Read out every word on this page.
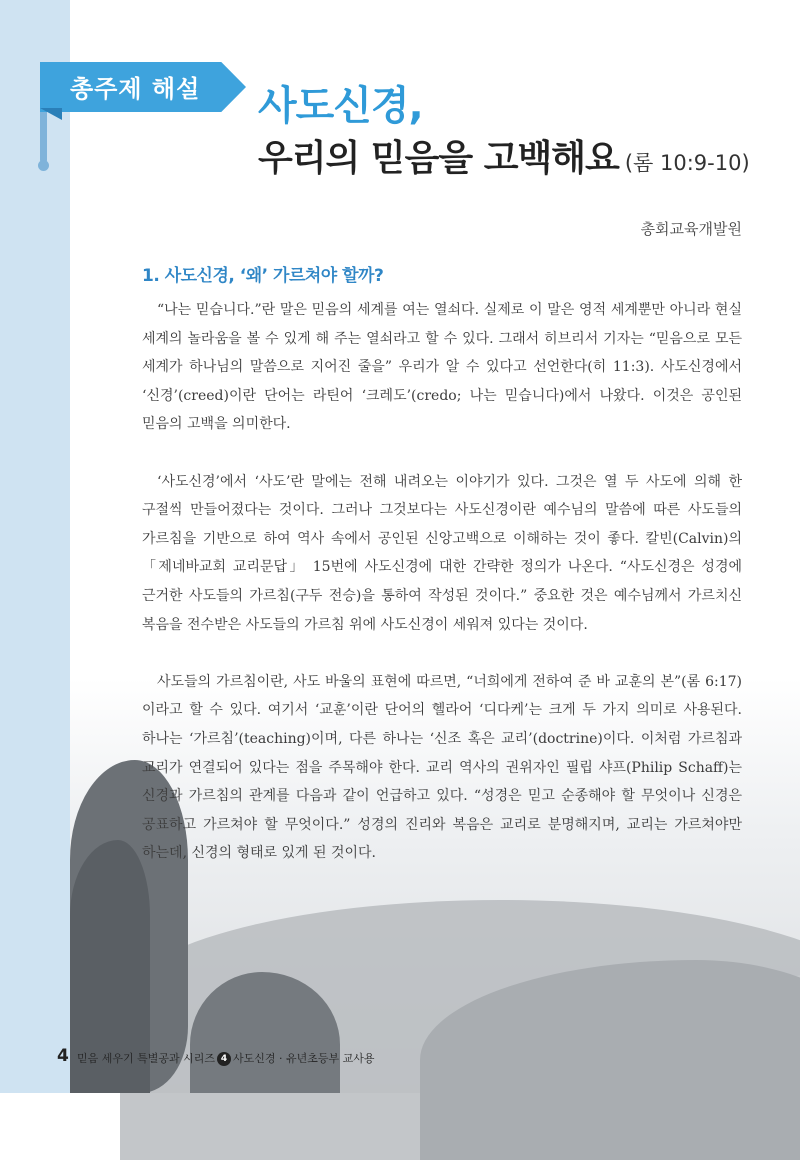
총주제 해설	사도신경,
우리의 믿음을 고백해요 (롬 10:9-10)
총회교육개발원
1. 사도신경, ‘왜’ 가르쳐야 할까?

“나는 믿습니다.”란 말은 믿음의 세계를 여는 열쇠다. 실제로 이 말은 영적 세계뿐만 아니라 현실 세계의 놀라움을 볼 수 있게 해 주는 열쇠라고 할 수 있다. 그래서 히브리서 기자는 “믿음으로 모든 세계가 하나님의 말씀으로 지어진 줄을” 우리가 알 수 있다고 선언한다(히 11:3). 사도신경에서 ‘신경’(creed)이란 단어는 라틴어 ‘크레도’(credo; 나는 믿습니다)에서 나왔다. 이것은 공인된 믿음의 고백을 의미한다.

‘사도신경’에서 ‘사도’란 말에는 전해 내려오는 이야기가 있다. 그것은 열 두 사도에 의해 한 구절씩 만들어졌다는 것이다. 그러나 그것보다는 사도신경이란 예수님의 말씀에 따른 사도들의 가르침을 기반으로 하여 역사 속에서 공인된 신앙고백으로 이해하는 것이 좋다. 칼빈(Calvin)의 「제네바교회 교리문답」 15번에 사도신경에 대한 간략한 정의가 나온다. “사도신경은 성경에 근거한 사도들의 가르침(구두 전승)을 통하여 작성된 것이다.” 중요한 것은 예수님께서 가르치신 복음을 전수받은 사도들의 가르침 위에 사도신경이 세워져 있다는 것이다.

사도들의 가르침이란, 사도 바울의 표현에 따르면, “너희에게 전하여 준 바 교훈의 본”(롬 6:17)이라고 할 수 있다. 여기서 ‘교훈’이란 단어의 헬라어 ‘디다케’는 크게 두 가지 의미로 사용된다. 하나는 ‘가르침’(teaching)이며, 다른 하나는 ‘신조 혹은 교리’(doctrine)이다. 이처럼 가르침과 교리가 연결되어 있다는 점을 주목해야 한다. 교리 역사의 권위자인 필립 샤프(Philip Schaff)는 신경과 가르침의 관계를 다음과 같이 언급하고 있다. “성경은 믿고 순종해야 할 무엇이나 신경은 공표하고 가르쳐야 할 무엇이다.” 성경의 진리와 복음은 교리로 분명해지며, 교리는 가르쳐야만 하는데, 신경의 형태로 있게 된 것이다.

4 믿음 세우기 특별공과 시리즈 4 사도신경 · 유년초등부 교사용
